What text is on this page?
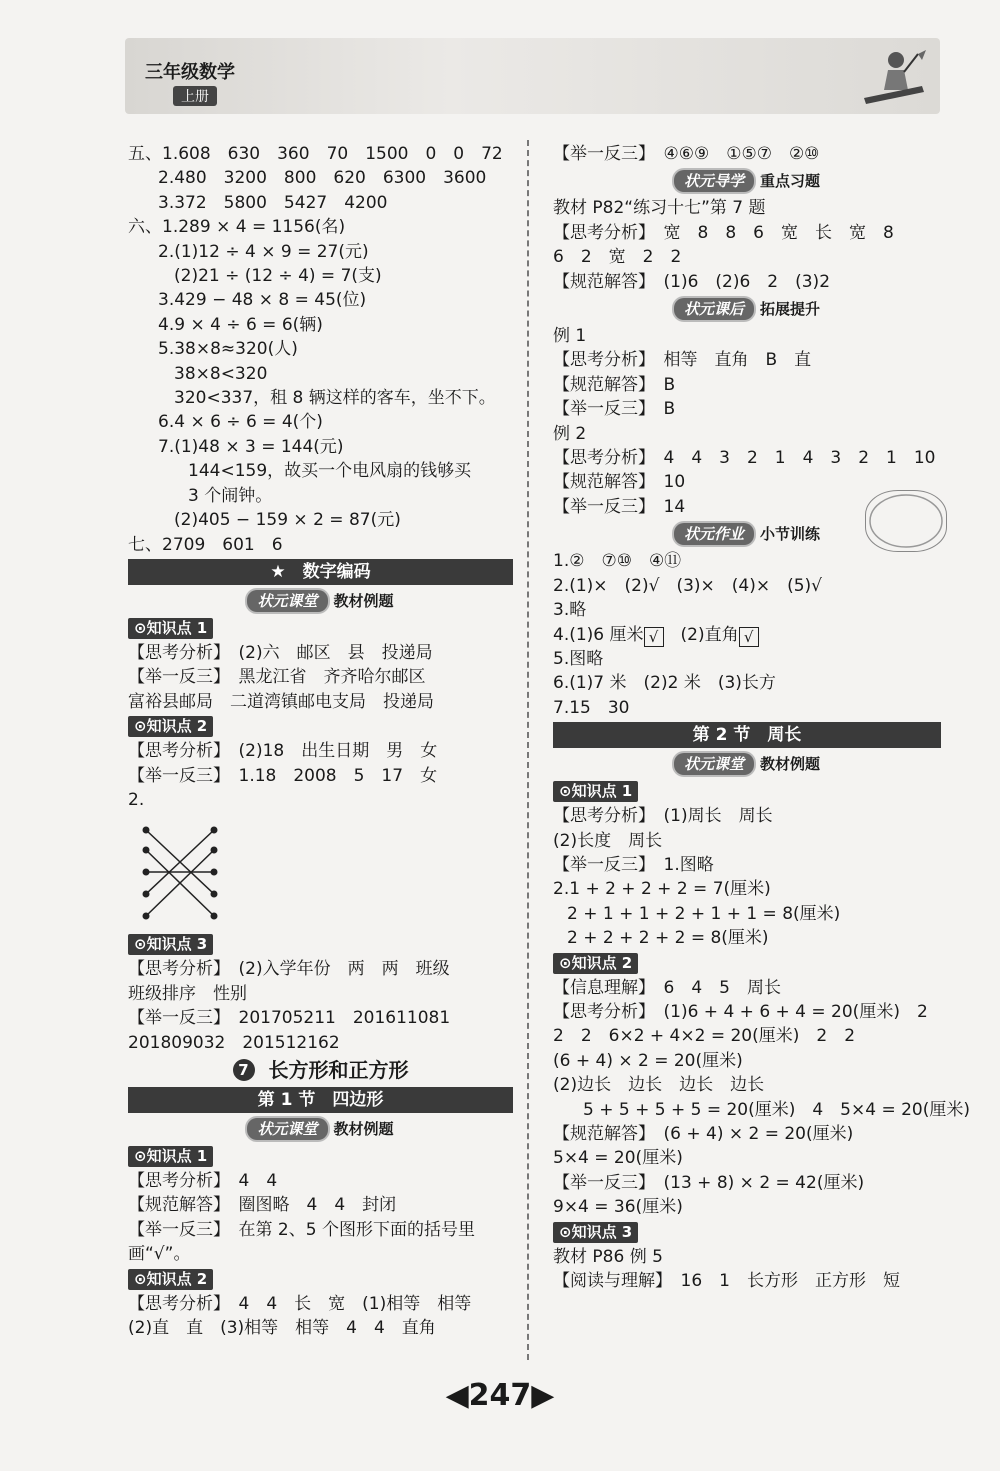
三年级数学
上册
五、1.608　630　360　70　1500　0　0　72
2.480　3200　800　620　6300　3600
3.372　5800　5427　4200
六、1.289 × 4 = 1156(名)
2.(1)12 ÷ 4 × 9 = 27(元)
(2)21 ÷ (12 ÷ 4) = 7(支)
3.429 − 48 × 8 = 45(位)
4.9 × 4 ÷ 6 = 6(辆)
5.38×8≈320(人)
38×8<320
320<337，租 8 辆这样的客车，坐不下。
6.4 × 6 ÷ 6 = 4(个)
7.(1)48 × 3 = 144(元)
144<159，故买一个电风扇的钱够买
3 个闹钟。
(2)405 − 159 × 2 = 87(元)
七、2709　601　6
★　数字编码
状元课堂 教材例题
⊙知识点 1
【思考分析】　(2)六　邮区　县　投递局
【举一反三】　黑龙江省　齐齐哈尔邮区
富裕县邮局　二道湾镇邮电支局　投递局
⊙知识点 2
【思考分析】　(2)18　出生日期　男　女
【举一反三】　1.18　2008　5　17　女
2.
⊙知识点 3
【思考分析】　(2)入学年份　两　两　班级
班级排序　性别
【举一反三】　201705211　201611081
201809032　201512162
7 长方形和正方形
第 1 节　四边形
状元课堂 教材例题
⊙知识点 1
【思考分析】　4　4
【规范解答】　圈图略　4　4　封闭
【举一反三】　在第 2、5 个图形下面的括号里
画“√”。
⊙知识点 2
【思考分析】　4　4　长　宽　(1)相等　相等
(2)直　直　(3)相等　相等　4　4　直角
【举一反三】　④⑥⑨　①⑤⑦　②⑩
状元导学 重点习题
教材 P82“练习十七”第 7 题
【思考分析】　宽　8　8　6　宽　长　宽　8
6　2　宽　2　2
【规范解答】　(1)6　(2)6　2　(3)2
状元课后 拓展提升
例 1
【思考分析】　相等　直角　B　直
【规范解答】　B
【举一反三】　B
例 2
【思考分析】　4　4　3　2　1　4　3　2　1　10
【规范解答】　10
【举一反三】　14
状元作业 小节训练
1.②　⑦⑩　④⑪
2.(1)×　(2)√　(3)×　(4)×　(5)√
3.略
4.(1)6 厘米 √　 (2)直角 √
5.图略
6.(1)7 米　(2)2 米　(3)长方
7.15　30
第 2 节　周长
状元课堂 教材例题
⊙知识点 1
【思考分析】　(1)周长　周长
(2)长度　周长
【举一反三】　1.图略
2.1 + 2 + 2 + 2 = 7(厘米)
2 + 1 + 1 + 2 + 1 + 1 = 8(厘米)
2 + 2 + 2 + 2 = 8(厘米)
⊙知识点 2
【信息理解】　6　4　5　周长
【思考分析】　(1)6 + 4 + 6 + 4 = 20(厘米)　2
2　2　6×2 + 4×2 = 20(厘米)　2　2
(6 + 4) × 2 = 20(厘米)
(2)边长　边长　边长　边长
5 + 5 + 5 + 5 = 20(厘米)　4　5×4 = 20(厘米)
【规范解答】　(6 + 4) × 2 = 20(厘米)
5×4 = 20(厘米)
【举一反三】　(13 + 8) × 2 = 42(厘米)
9×4 = 36(厘米)
⊙知识点 3
教材 P86 例 5
【阅读与理解】　16　1　长方形　正方形　短
◀247▶
